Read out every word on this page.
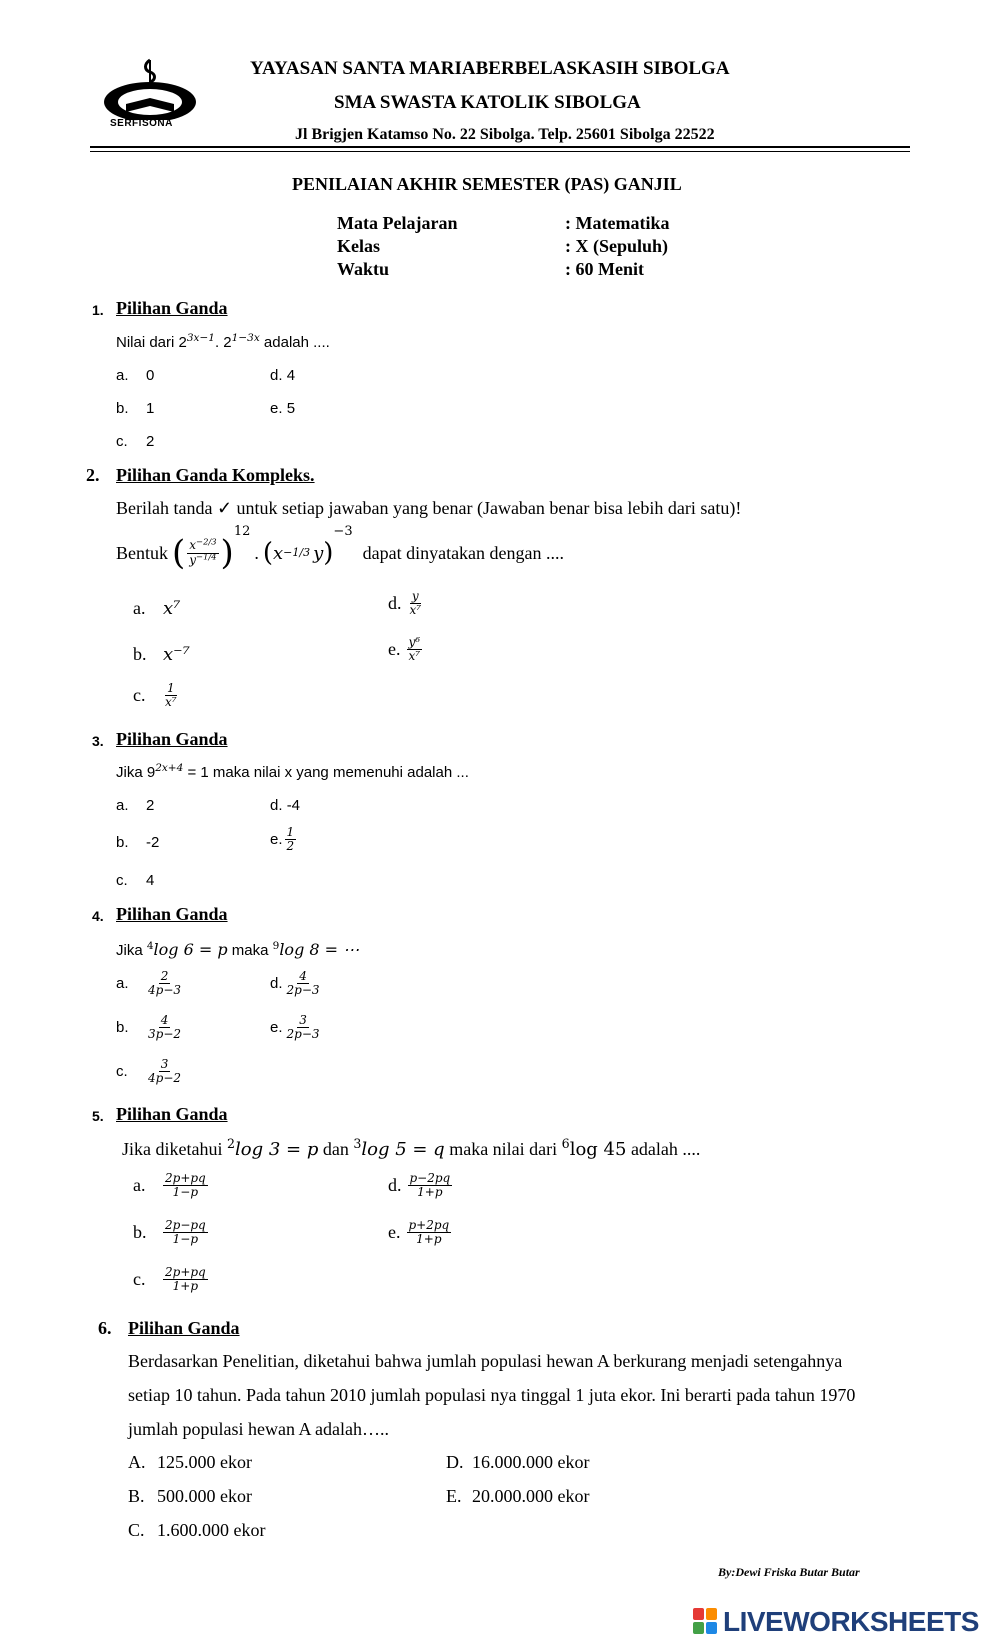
SERFISONA
YAYASAN SANTA MARIABERBELASKASIH SIBOLGA
SMA SWASTA KATOLIK SIBOLGA
Jl Brigjen Katamso No. 22 Sibolga. Telp. 25601 Sibolga 22522
PENILAIAN AKHIR SEMESTER (PAS) GANJIL
Mata Pelajaran	: Matematika
Kelas	: X (Sepuluh)
Waktu	: 60 Menit
1. Pilihan Ganda
Nilai dari $2^{3x-1}$. $2^{1-3x}$ adalah ....
a. 0
b. 1
c. 2
d. 4
e. 5
2. Pilihan Ganda Kompleks.
Berilah tanda ✓ untuk setiap jawaban yang benar (Jawaban benar bisa lebih dari satu)!
Bentuk ( $\frac{x^{-2/3}}{y^{-1/4}}$ )
12
. ( x −1/3 y )
−3
dapat dinyatakan dengan ....
a. x⁷
b. x⁻⁷
c.	$\frac{1}{\text{x⁷}}$
d. $\frac{y}{\text{x⁷}}$
e. $\frac{\text{y⁶}}{\text{x⁷}}$
3. Pilihan Ganda
Jika $9^{2x+4} = 1$ maka nilai x yang memenuhi adalah ...
a. 2
b. -2
c. 4
d. -4
e. $\frac{1}{2}$
4. Pilihan Ganda
Jika $^4$log 6 = p maka $^9$log 8 = ⋯
a.	$\frac{2}{4p-3}$
b.	$\frac{4}{3p-2}$
c.	$\frac{3}{4p-2}$
d. $\frac{4}{2p-3}$
e. $\frac{3}{2p-3}$
5. Pilihan Ganda
Jika diketahui $^2$log 3 = p dan $^3$log 5 = q maka nilai dari $^6$log 45 adalah ....
a.	$\frac{2p+pq}{1-p}$
b.	$\frac{2p-pq}{1-p}$
c.	$\frac{2p+pq}{1+p}$
d. $\frac{p-2pq}{1+p}$
e. $\frac{p+2pq}{1+p}$
6. Pilihan Ganda
Berdasarkan Penelitian, diketahui bahwa jumlah populasi hewan A berkurang menjadi setengahnya
setiap 10 tahun. Pada tahun 2010 jumlah populasi nya tinggal 1 juta ekor. Ini berarti pada tahun 1970
jumlah populasi hewan A adalah…..
A. 125.000 ekor
B. 500.000 ekor
C. 1.600.000 ekor
D. 16.000.000 ekor
E. 20.000.000 ekor
By:Dewi Friska Butar Butar
LIVEWORKSHEETS
